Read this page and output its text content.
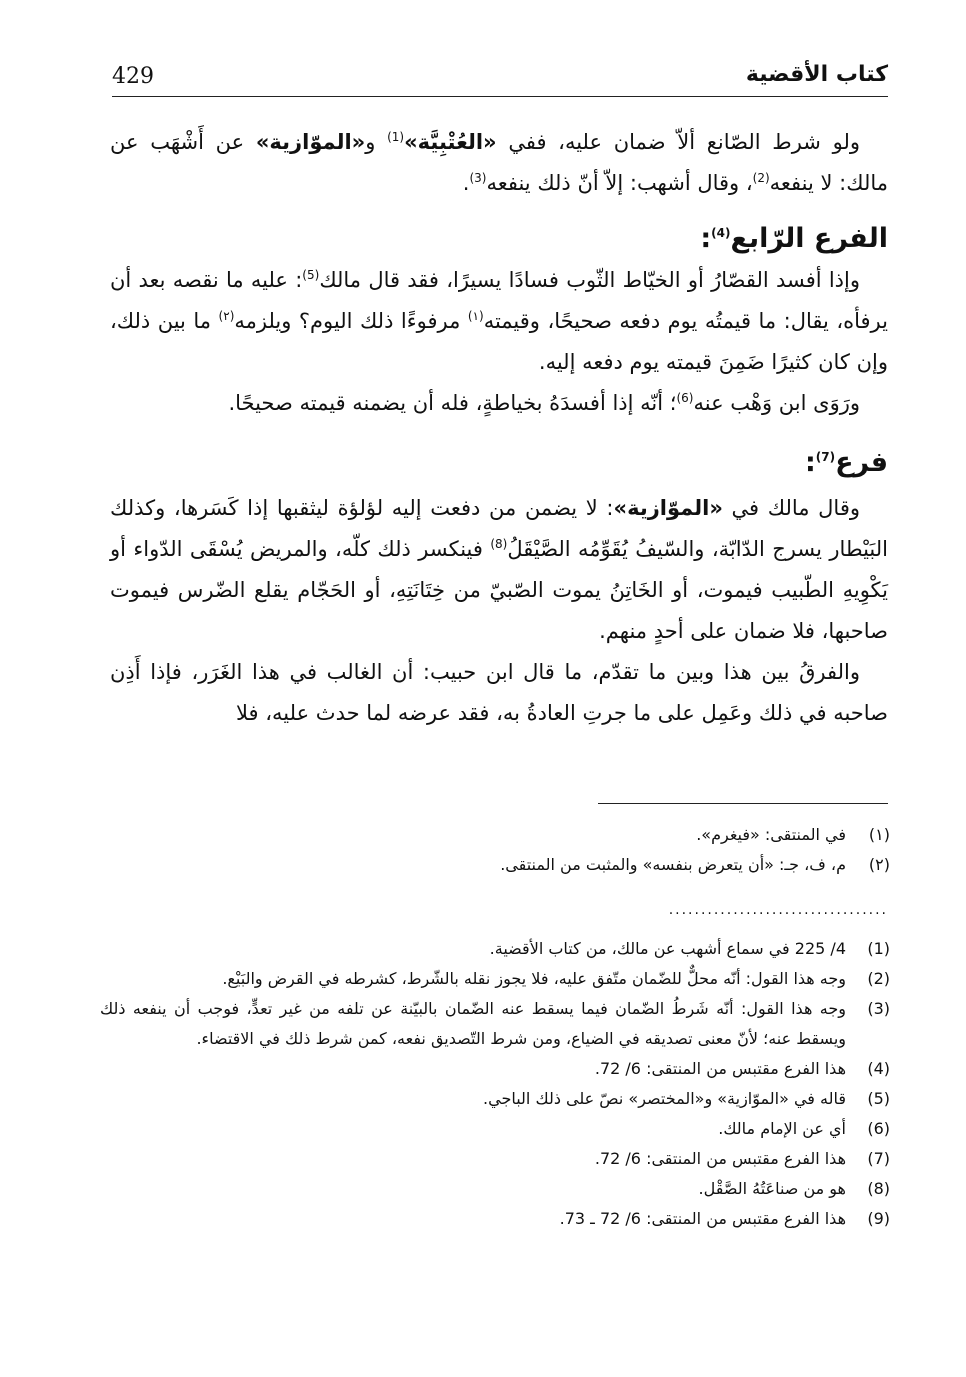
429	كتاب الأقضية

ولو شرط الصّانع ألاّ ضمان عليه، ففي «العُتْبِيَّة»$^{(1)}$ و«الموّازية» عن أَشْهَب عن مالك: لا ينفعه$^{(2)}$، وقال أشهب: إلاّ أنّ ذلك ينفعه$^{(3)}$.

الفرع الرّابع$^{(4)}$:

وإذا أفسد القصّارُ أو الخيّاط الثّوب فسادًا يسيرًا، فقد قال مالك$^{(5)}$: عليه ما نقصه بعد أن يرفأه، يقال: ما قيمتُه يوم دفعه صحيحًا، وقيمته$^{(١)}$ مرفوءًا ذلك اليوم؟ ويلزمه$^{(٢)}$ ما بين ذلك، وإن كان كثيرًا ضَمِنَ قيمته يوم دفعه إليه.

ورَوَى ابن وَهْب عنه$^{(6)}$؛ أنّه إذا أفسدَهُ بخياطةٍ، فله أن يضمنه قيمته صحيحًا.

فرع$^{(7)}$:

وقال مالك في «الموّازية»: لا يضمن من دفعت إليه لؤلؤة ليثقبها إذا كَسَرها، وكذلك البَيْطار يسرج الدّابّة، والسّيفُ يُقَوِّمُه الصَّيْقَلُ$^{(8)}$ فينكسر ذلك كلّه، والمريض يُسْقَى الدّواء أو يَكْوِيهِ الطّبيب فيموت، أو الخَاتِنُ يموت الصّبيّ من خِتَانَتِهِ، أو الحَجّام يقلع الضّرس فيموت صاحبها، فلا ضمان على أحدٍ منهم.

والفرقُ بين هذا وبين ما تقدّم، ما قال ابن حبيب: أن الغالب في هذا الغَرَر، فإذا أَذِن صاحبه في ذلك وعَمِل على ما جرتِ العادةُ به، فقد عرضه لما حدث عليه، فلا

(١)
في المنتقى: «فيغرم».
(٢)
م، ف، جـ: «أن يتعرض بنفسه» والمثبت من المنتقى.
..................................
(1)
4/ 225 في سماع أشهب عن مالك، من كتاب الأقضية.
(2)
وجه هذا القول: أنّه محلٌّ للضّمان متّفق عليه، فلا يجوز نقله بالشّرط، كشرطه في القرض والبَيْع.
(3)
وجه هذا القول: أنّه شَرطُ الضّمان فيما يسقط عنه الضّمان بالبيّنة عن تلفه من غير تعدٍّ، فوجب أن ينفعه ذلك ويسقط عنه؛ لأنّ معنى تصديقه في الضياع، ومن شرط التّصديق نفعه، كمن شرط ذلك في الاقتضاء.
(4)
هذا الفرع مقتبس من المنتقى: 6/ 72.
(5)
قاله في «الموّازية» و«المختصر» نصّ على ذلك الباجي.
(6)
أي عن الإمام مالك.
(7)
هذا الفرع مقتبس من المنتقى: 6/ 72.
(8)
هو من صناعَتُهُ الصَّقْل.
(9)
هذا الفرع مقتبس من المنتقى: 6/ 72 ـ 73.
